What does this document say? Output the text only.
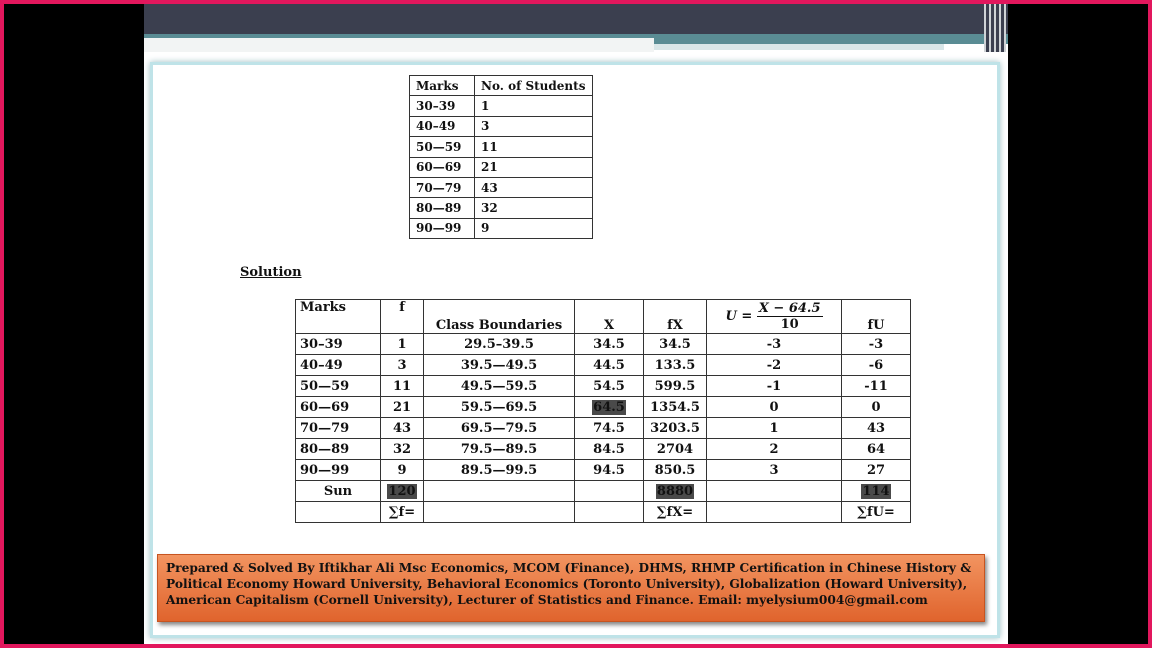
Marks	No. of Students
30–39	1
40–49	3
50—59	11
60—69	21
70—79	43
80—89	32
90—99	9
Solution
Marks	f	Class Boundaries	X	fX	$U = \frac{X - 64.5}{10}$	fU
30–39	1	29.5–39.5	34.5	34.5	-3	-3
40–49	3	39.5—49.5	44.5	133.5	-2	-6
50—59	11	49.5—59.5	54.5	599.5	-1	-11
60—69	21	59.5—69.5	64.5	1354.5	0	0
70—79	43	69.5—79.5	74.5	3203.5	1	43
80—89	32	79.5—89.5	84.5	2704	2	64
90—99	9	89.5—99.5	94.5	850.5	3	27
Sun	120			8880		114
	∑f=			∑fX=		∑fU=
Prepared & Solved By Iftikhar Ali Msc Economics, MCOM (Finance), DHMS, RHMP Certification in Chinese History & Political Economy Howard University, Behavioral Economics (Toronto University), Globalization (Howard University), American Capitalism (Cornell University), Lecturer of Statistics and Finance. Email: myelysium004@gmail.com
